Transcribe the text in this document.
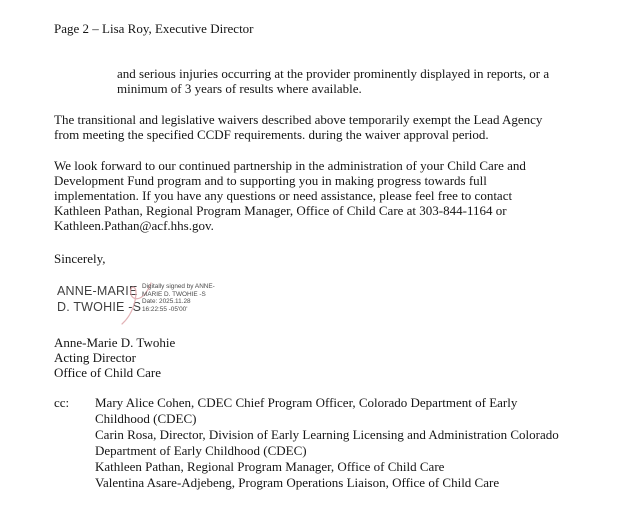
Page 2 – Lisa Roy, Executive Director
and serious injuries occurring at the provider prominently displayed in reports, or a
minimum of 3 years of results where available.
The transitional and legislative waivers described above temporarily exempt the Lead Agency
from meeting the specified CCDF requirements. during the waiver approval period.
We look forward to our continued partnership in the administration of your Child Care and
Development Fund program and to supporting you in making progress towards full
implementation. If you have any questions or need assistance, please feel free to contact
Kathleen Pathan, Regional Program Manager, Office of Child Care at 303-844-1164 or
Kathleen.Pathan@acf.hhs.gov.
Sincerely,
ANNE-MARIE
D. TWOHIE -S
Digitally signed by ANNE-
MARIE D. TWOHIE -S
Date: 2025.11.28
16:22:55 -05'00'
Anne-Marie D. Twohie
Acting Director
Office of Child Care
cc: Mary Alice Cohen, CDEC Chief Program Officer, Colorado Department of Early
Childhood (CDEC)
Carin Rosa, Director, Division of Early Learning Licensing and Administration Colorado
Department of Early Childhood (CDEC)
Kathleen Pathan, Regional Program Manager, Office of Child Care
Valentina Asare-Adjebeng, Program Operations Liaison, Office of Child Care
